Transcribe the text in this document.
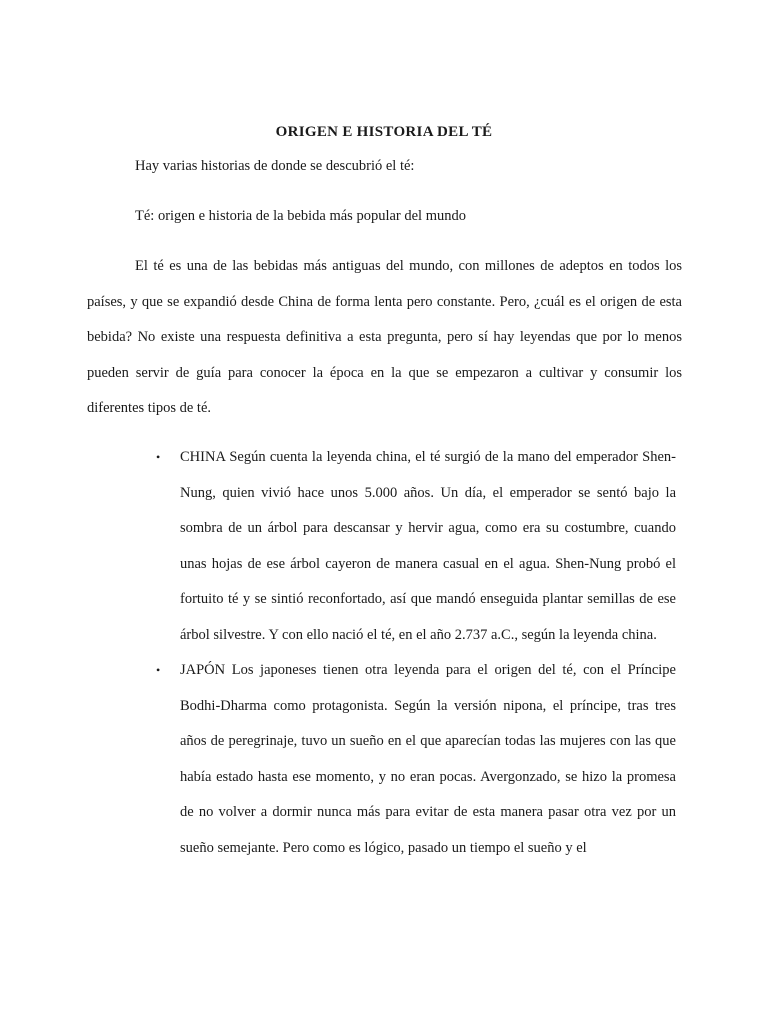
ORIGEN E HISTORIA DEL TÉ

Hay varias historias de donde se descubrió el té:

Té: origen e historia de la bebida más popular del mundo

El té es una de las bebidas más antiguas del mundo, con millones de adeptos en todos los países, y que se expandió desde China de forma lenta pero constante. Pero, ¿cuál es el origen de esta bebida? No existe una respuesta definitiva a esta pregunta, pero sí hay leyendas que por lo menos pueden servir de guía para conocer la época en la que se empezaron a cultivar y consumir los diferentes tipos de té.

• CHINA Según cuenta la leyenda china, el té surgió de la mano del emperador Shen-Nung, quien vivió hace unos 5.000 años. Un día, el emperador se sentó bajo la sombra de un árbol para descansar y hervir agua, como era su costumbre, cuando unas hojas de ese árbol cayeron de manera casual en el agua. Shen-Nung probó el fortuito té y se sintió reconfortado, así que mandó enseguida plantar semillas de ese árbol silvestre. Y con ello nació el té, en el año 2.737 a.C., según la leyenda china.
• JAPÓN Los japoneses tienen otra leyenda para el origen del té, con el Príncipe Bodhi-Dharma como protagonista. Según la versión nipona, el príncipe, tras tres años de peregrinaje, tuvo un sueño en el que aparecían todas las mujeres con las que había estado hasta ese momento, y no eran pocas. Avergonzado, se hizo la promesa de no volver a dormir nunca más para evitar de esta manera pasar otra vez por un sueño semejante. Pero como es lógico, pasado un tiempo el sueño y el
